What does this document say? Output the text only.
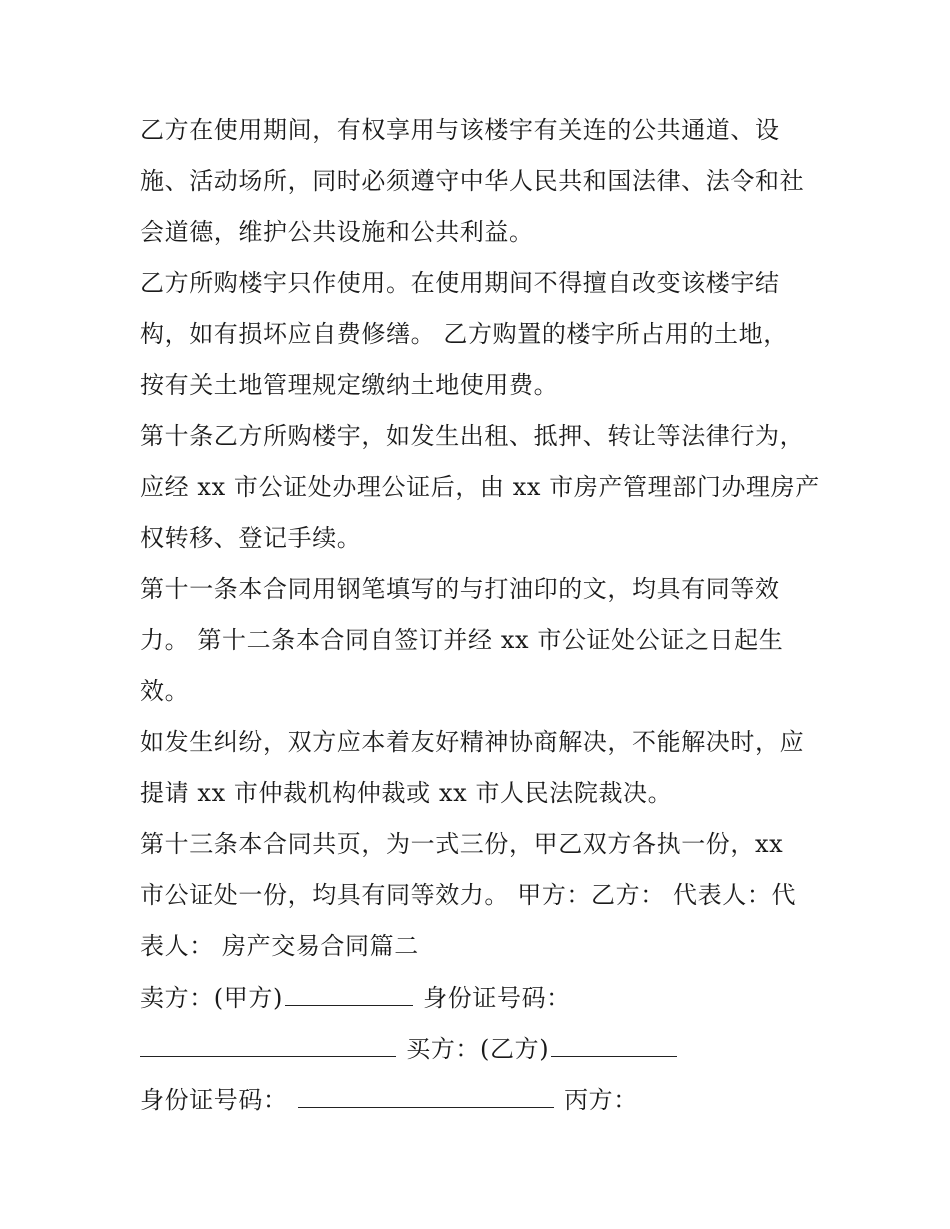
乙方在使用期间，有权享用与该楼宇有关连的公共通道、设
施、活动场所，同时必须遵守中华人民共和国法律、法令和社
会道德，维护公共设施和公共利益。
乙方所购楼宇只作使用。在使用期间不得擅自改变该楼宇结
构，如有损坏应自费修缮。 乙方购置的楼宇所占用的土地，
按有关土地管理规定缴纳土地使用费。
第十条乙方所购楼宇，如发生出租、抵押、转让等法律行为，
应经 xx 市公证处办理公证后，由 xx 市房产管理部门办理房产
权转移、登记手续。
第十一条本合同用钢笔填写的与打油印的文，均具有同等效
力。 第十二条本合同自签订并经 xx 市公证处公证之日起生
效。
如发生纠纷，双方应本着友好精神协商解决，不能解决时，应
提请 xx 市仲裁机构仲裁或 xx 市人民法院裁决。
第十三条本合同共页，为一式三份，甲乙双方各执一份，xx
市公证处一份，均具有同等效力。 甲方：乙方： 代表人：代
表人： 房产交易合同篇二
卖方：(甲方)	身份证号码：
买方：(乙方)
身份证号码：	丙方：
